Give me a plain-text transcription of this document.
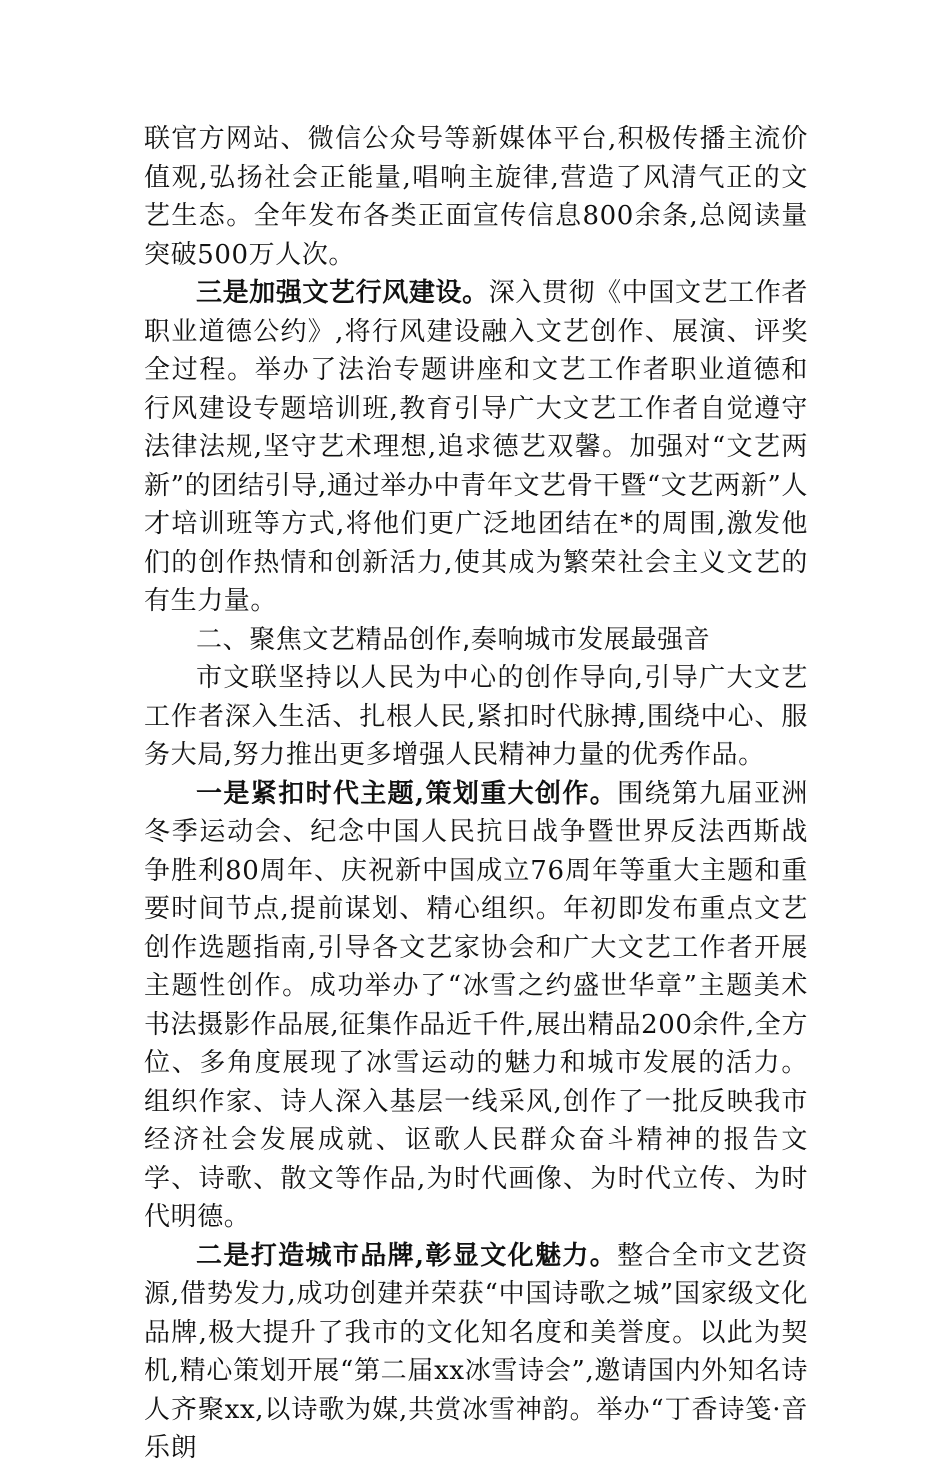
联官方网站、微信公众号等新媒体平台,积极传播主流价值观,弘扬社会正能量,唱响主旋律,营造了风清气正的文艺生态。全年发布各类正面宣传信息800余条,总阅读量突破500万人次。

三是加强文艺行风建设。深入贯彻《中国文艺工作者职业道德公约》,将行风建设融入文艺创作、展演、评奖全过程。举办了法治专题讲座和文艺工作者职业道德和行风建设专题培训班,教育引导广大文艺工作者自觉遵守法律法规,坚守艺术理想,追求德艺双馨。加强对“文艺两新”的团结引导,通过举办中青年文艺骨干暨“文艺两新”人才培训班等方式,将他们更广泛地团结在*的周围,激发他们的创作热情和创新活力,使其成为繁荣社会主义文艺的有生力量。

二、聚焦文艺精品创作,奏响城市发展最强音

市文联坚持以人民为中心的创作导向,引导广大文艺工作者深入生活、扎根人民,紧扣时代脉搏,围绕中心、服务大局,努力推出更多增强人民精神力量的优秀作品。

一是紧扣时代主题,策划重大创作。围绕第九届亚洲冬季运动会、纪念中国人民抗日战争暨世界反法西斯战争胜利80周年、庆祝新中国成立76周年等重大主题和重要时间节点,提前谋划、精心组织。年初即发布重点文艺创作选题指南,引导各文艺家协会和广大文艺工作者开展主题性创作。成功举办了“冰雪之约盛世华章”主题美术书法摄影作品展,征集作品近千件,展出精品200余件,全方位、多角度展现了冰雪运动的魅力和城市发展的活力。组织作家、诗人深入基层一线采风,创作了一批反映我市经济社会发展成就、讴歌人民群众奋斗精神的报告文学、诗歌、散文等作品,为时代画像、为时代立传、为时代明德。

二是打造城市品牌,彰显文化魅力。整合全市文艺资源,借势发力,成功创建并荣获“中国诗歌之城”国家级文化品牌,极大提升了我市的文化知名度和美誉度。以此为契机,精心策划开展“第二届xx冰雪诗会”,邀请国内外知名诗人齐聚xx,以诗歌为媒,共赏冰雪神韵。举办“丁香诗笺·音乐朗
